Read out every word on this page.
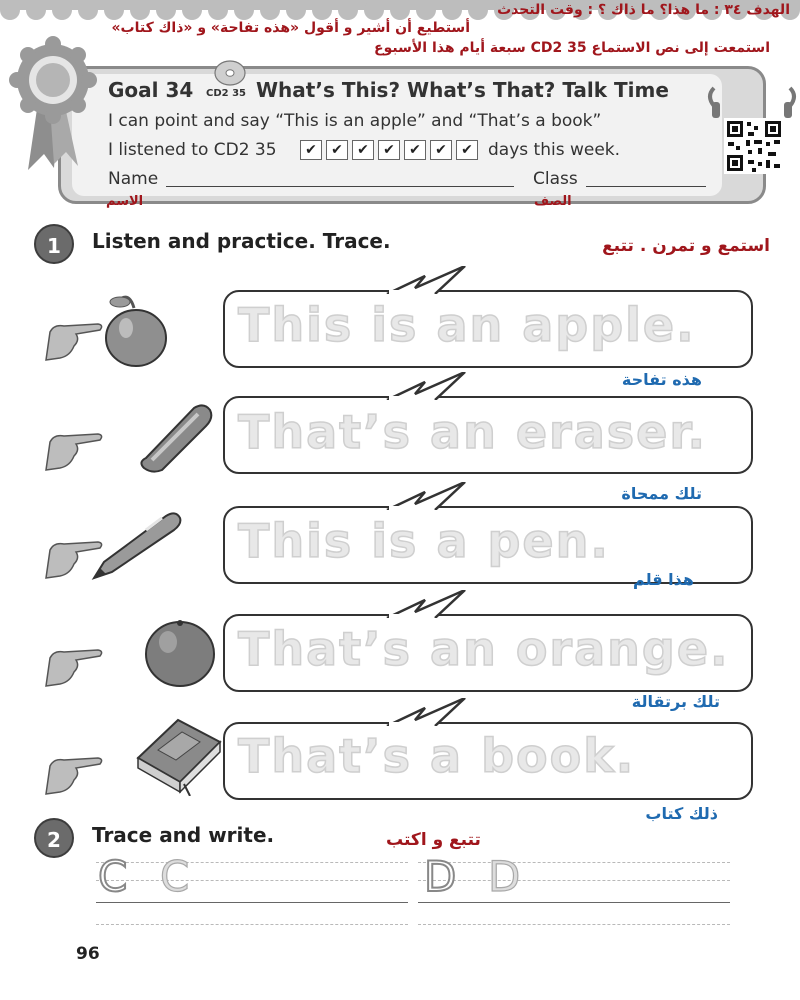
الهدف ٣٤ : ما هذا؟ ما ذاك ؟ : وقت التحدث
أستطيع أن أشير و أقول «هذه تفاحة» و «ذاك كتاب»
استمعت إلى نص الاستماع CD2 35 سبعة أيام هذا الأسبوع
Goal 34 CD2 35 What’s This? What’s That? Talk Time
I can point and say “This is an apple” and “That’s a book”
I listened to CD2 35	✔	✔	✔	✔	✔	✔	✔ days this week.
Name	Class
الاسم	الصف
1	Listen and practice. Trace.	استمع و تمرن . تتبع
This is an apple.
هذه تفاحة
That’s an eraser.
تلك ممحاة
This is a pen.
هذا قلم
That’s an orange.
تلك برتقالة
That’s a book.
ذلك كتاب
2	Trace and write.	تتبع و اكتب
C C	D D
96
